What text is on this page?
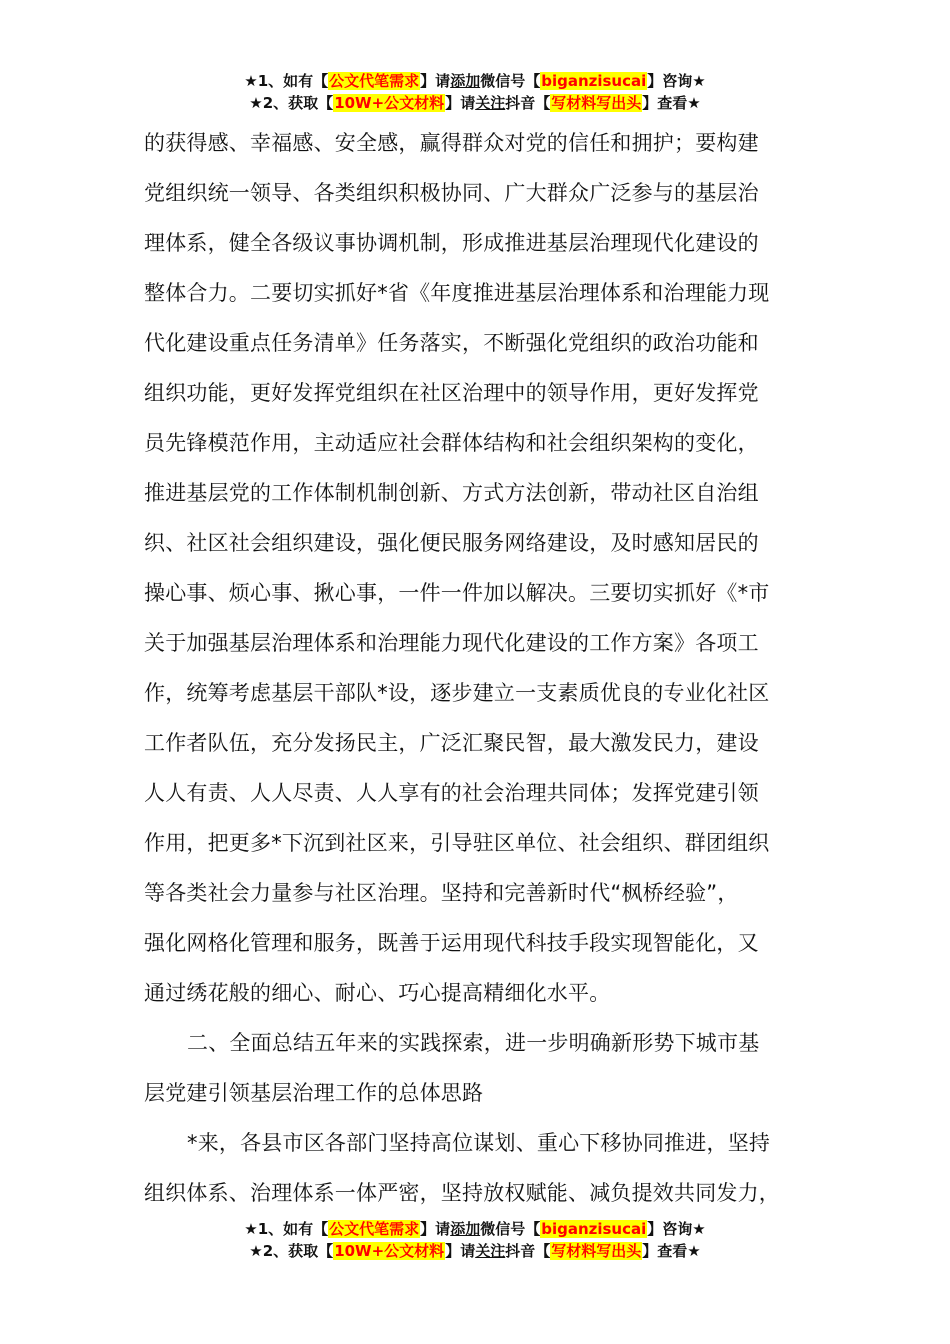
★1、如有【公文代笔需求】请添加微信号【biganzisucai】咨询★
★2、获取【10W+公文材料】请关注抖音【写材料写出头】查看★
的获得感、幸福感、安全感，赢得群众对党的信任和拥护；要构建
党组织统一领导、各类组织积极协同、广大群众广泛参与的基层治
理体系，健全各级议事协调机制，形成推进基层治理现代化建设的
整体合力。二要切实抓好*省《年度推进基层治理体系和治理能力现
代化建设重点任务清单》任务落实，不断强化党组织的政治功能和
组织功能，更好发挥党组织在社区治理中的领导作用，更好发挥党
员先锋模范作用，主动适应社会群体结构和社会组织架构的变化，
推进基层党的工作体制机制创新、方式方法创新，带动社区自治组
织、社区社会组织建设，强化便民服务网络建设，及时感知居民的
操心事、烦心事、揪心事，一件一件加以解决。三要切实抓好《*市
关于加强基层治理体系和治理能力现代化建设的工作方案》各项工
作，统筹考虑基层干部队*设，逐步建立一支素质优良的专业化社区
工作者队伍，充分发扬民主，广泛汇聚民智，最大激发民力，建设
人人有责、人人尽责、人人享有的社会治理共同体；发挥党建引领
作用，把更多*下沉到社区来，引导驻区单位、社会组织、群团组织
等各类社会力量参与社区治理。坚持和完善新时代“枫桥经验”，
强化网格化管理和服务，既善于运用现代科技手段实现智能化，又
通过绣花般的细心、耐心、巧心提高精细化水平。
二、全面总结五年来的实践探索，进一步明确新形势下城市基
层党建引领基层治理工作的总体思路
*来，各县市区各部门坚持高位谋划、重心下移协同推进，坚持
组织体系、治理体系一体严密，坚持放权赋能、减负提效共同发力，
★1、如有【公文代笔需求】请添加微信号【biganzisucai】咨询★
★2、获取【10W+公文材料】请关注抖音【写材料写出头】查看★
